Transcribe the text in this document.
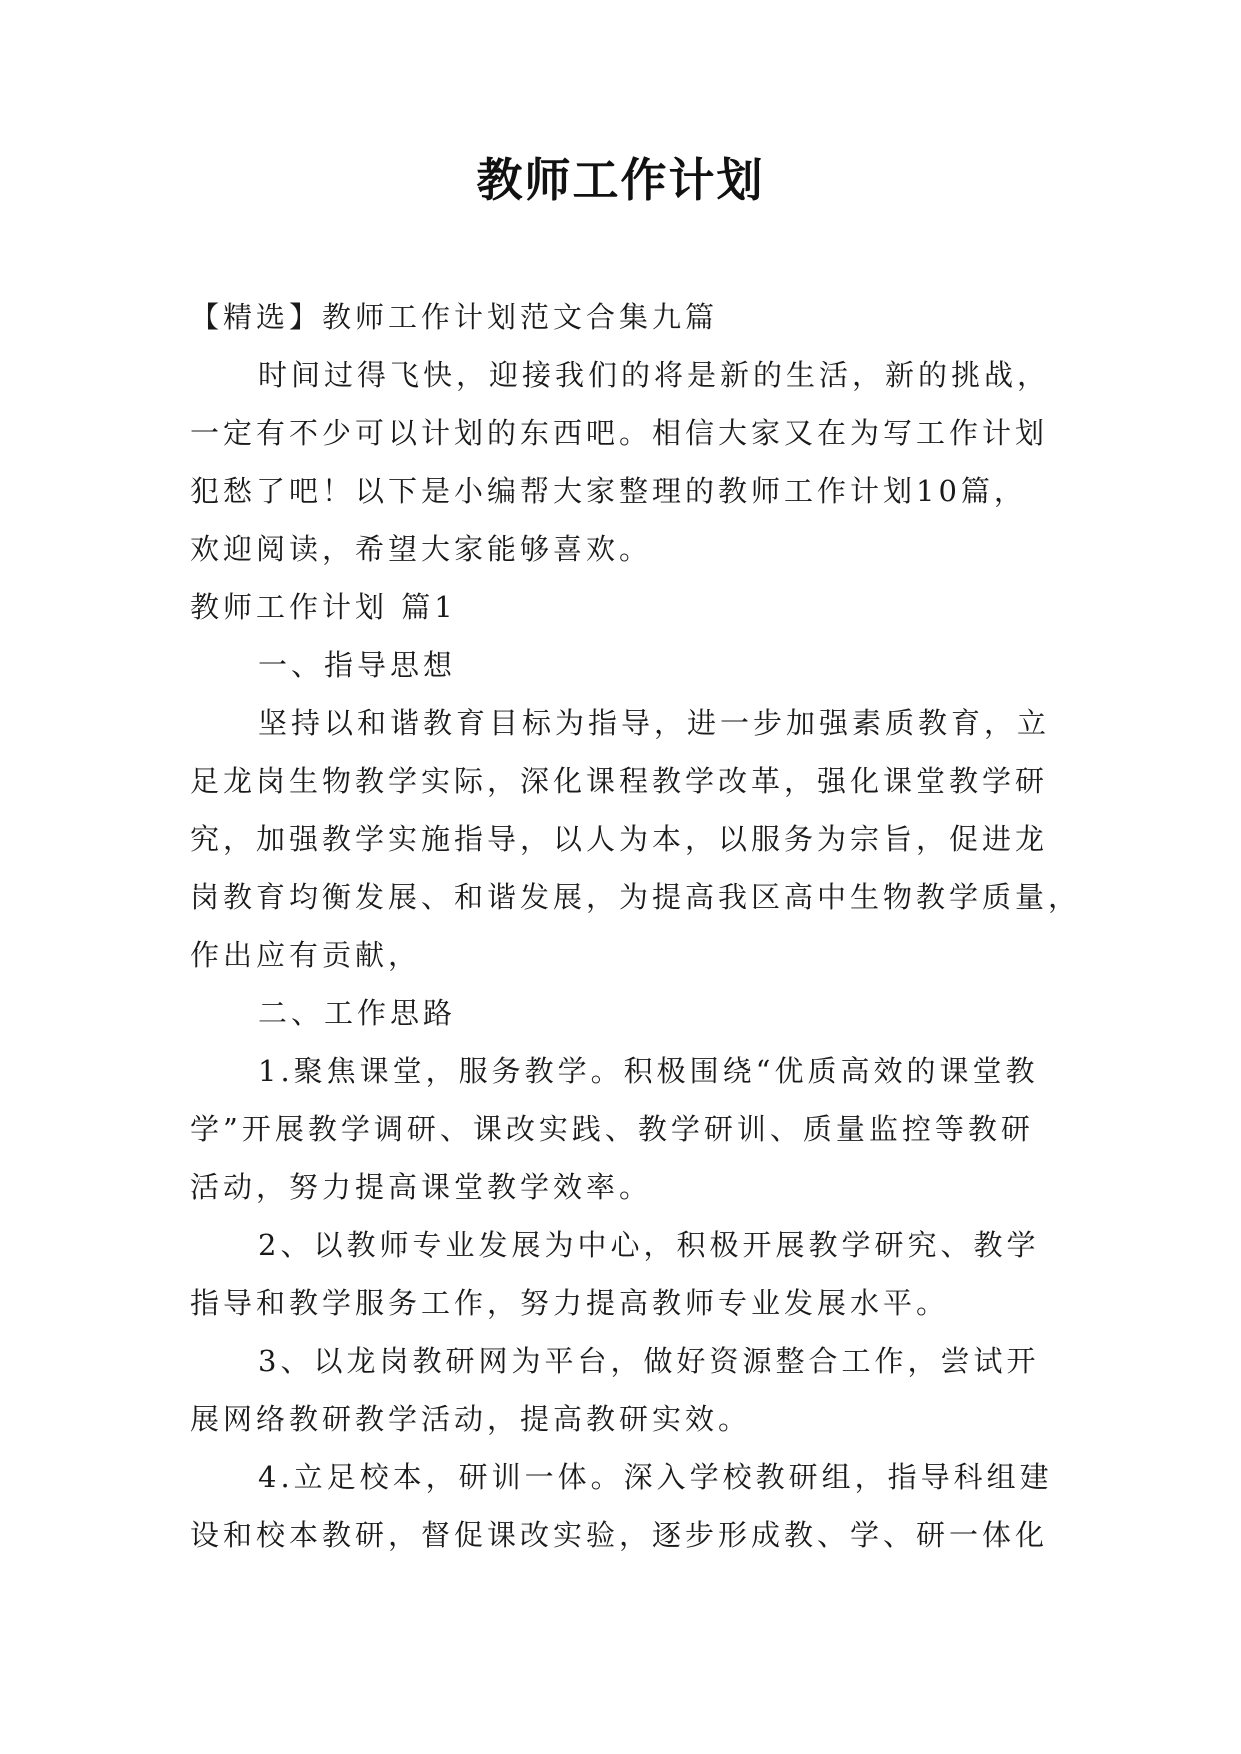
教师工作计划
【精选】教师工作计划范文合集九篇
时间过得飞快，迎接我们的将是新的生活，新的挑战，
一定有不少可以计划的东西吧。相信大家又在为写工作计划
犯愁了吧！以下是小编帮大家整理的教师工作计划10篇，
欢迎阅读，希望大家能够喜欢。
教师工作计划 篇1
一、指导思想
坚持以和谐教育目标为指导，进一步加强素质教育，立
足龙岗生物教学实际，深化课程教学改革，强化课堂教学研
究，加强教学实施指导，以人为本，以服务为宗旨，促进龙
岗教育均衡发展、和谐发展，为提高我区高中生物教学质量，
作出应有贡献，
二、工作思路
1.聚焦课堂，服务教学。积极围绕“优质高效的课堂教
学”开展教学调研、课改实践、教学研训、质量监控等教研
活动，努力提高课堂教学效率。
2、以教师专业发展为中心，积极开展教学研究、教学
指导和教学服务工作，努力提高教师专业发展水平。
3、以龙岗教研网为平台，做好资源整合工作，尝试开
展网络教研教学活动，提高教研实效。
4.立足校本，研训一体。深入学校教研组，指导科组建
设和校本教研，督促课改实验，逐步形成教、学、研一体化
